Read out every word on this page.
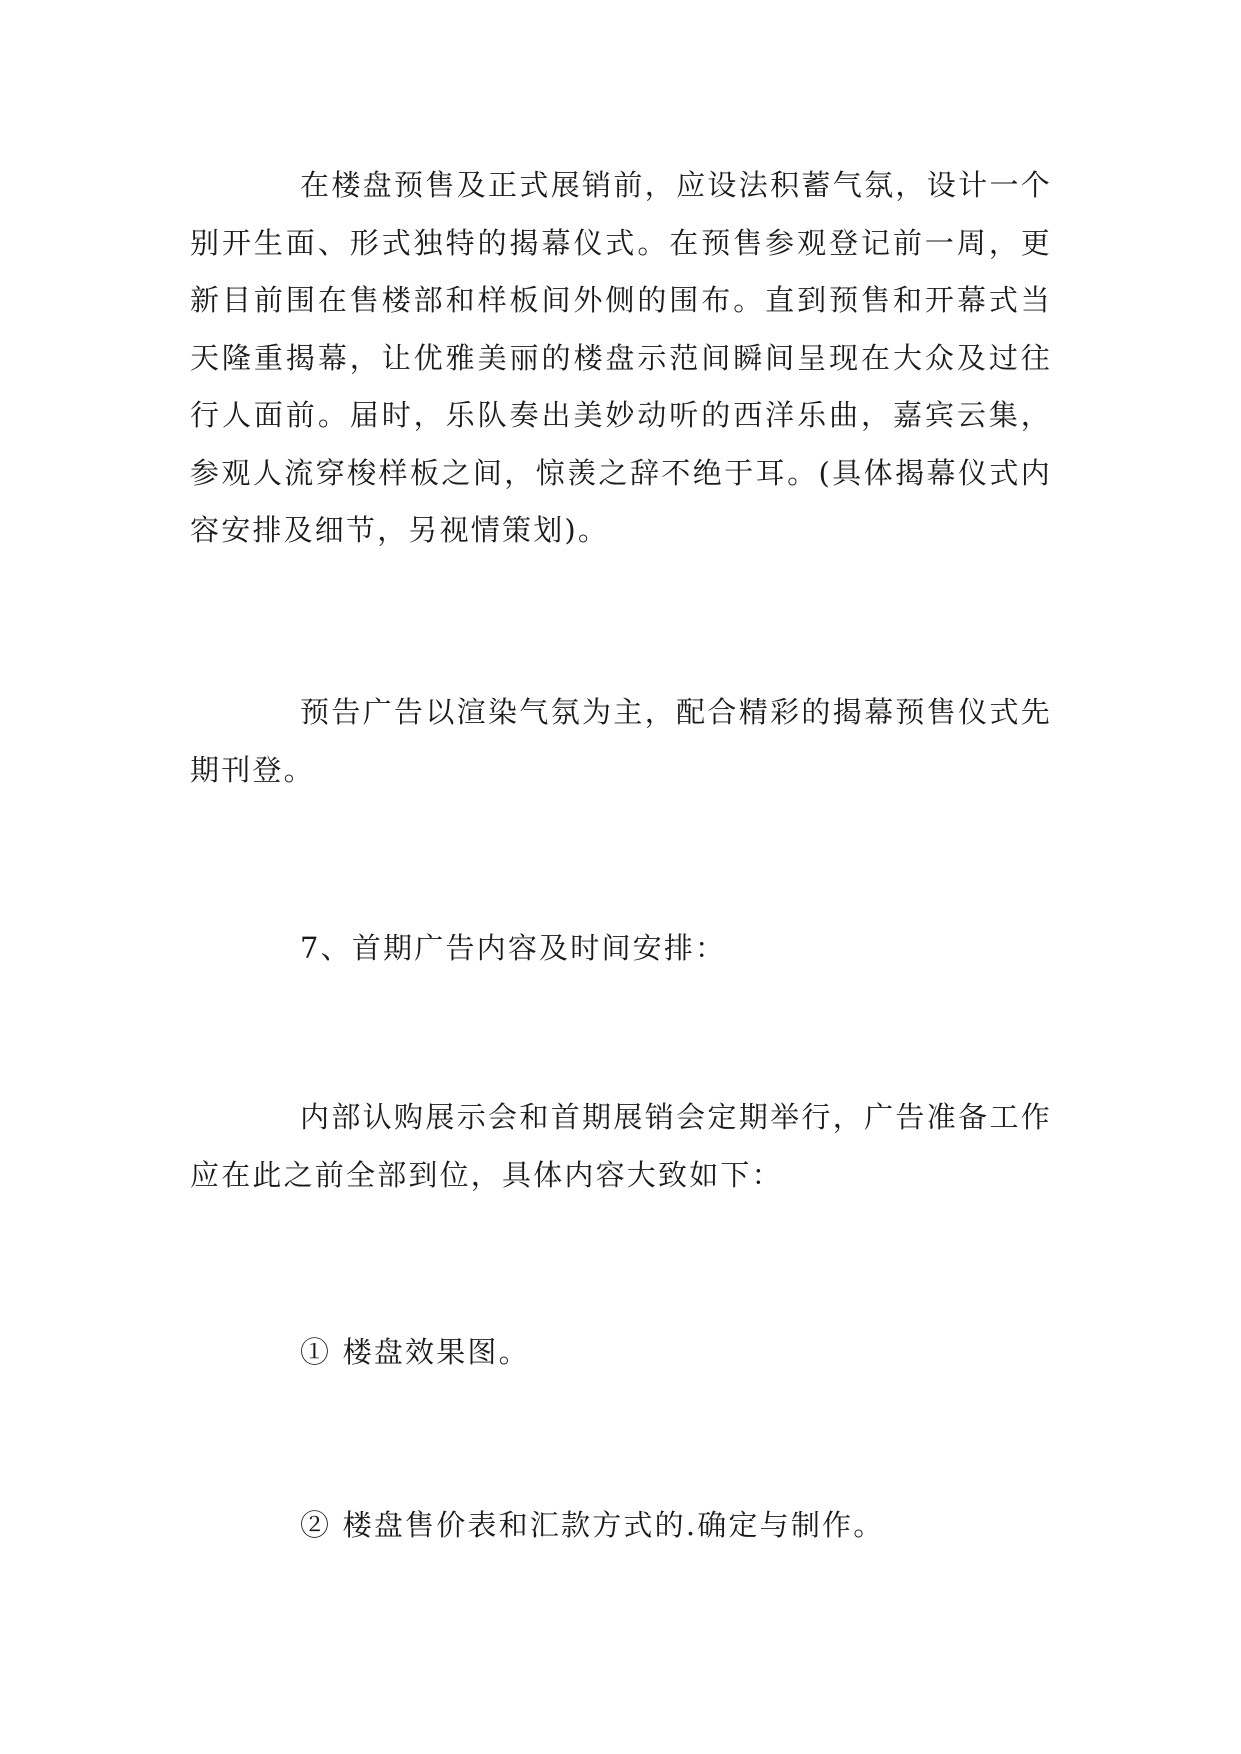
在楼盘预售及正式展销前，应设法积蓄气氛，设计一个别开生面、形式独特的揭幕仪式。在预售参观登记前一周，更新目前围在售楼部和样板间外侧的围布。直到预售和开幕式当天隆重揭幕，让优雅美丽的楼盘示范间瞬间呈现在大众及过往行人面前。届时，乐队奏出美妙动听的西洋乐曲，嘉宾云集，参观人流穿梭样板之间，惊羡之辞不绝于耳。(具体揭幕仪式内容安排及细节，另视情策划)。

预告广告以渲染气氛为主，配合精彩的揭幕预售仪式先期刊登。

7、首期广告内容及时间安排：

内部认购展示会和首期展销会定期举行，广告准备工作应在此之前全部到位，具体内容大致如下：

① 楼盘效果图。

② 楼盘售价表和汇款方式的.确定与制作。
